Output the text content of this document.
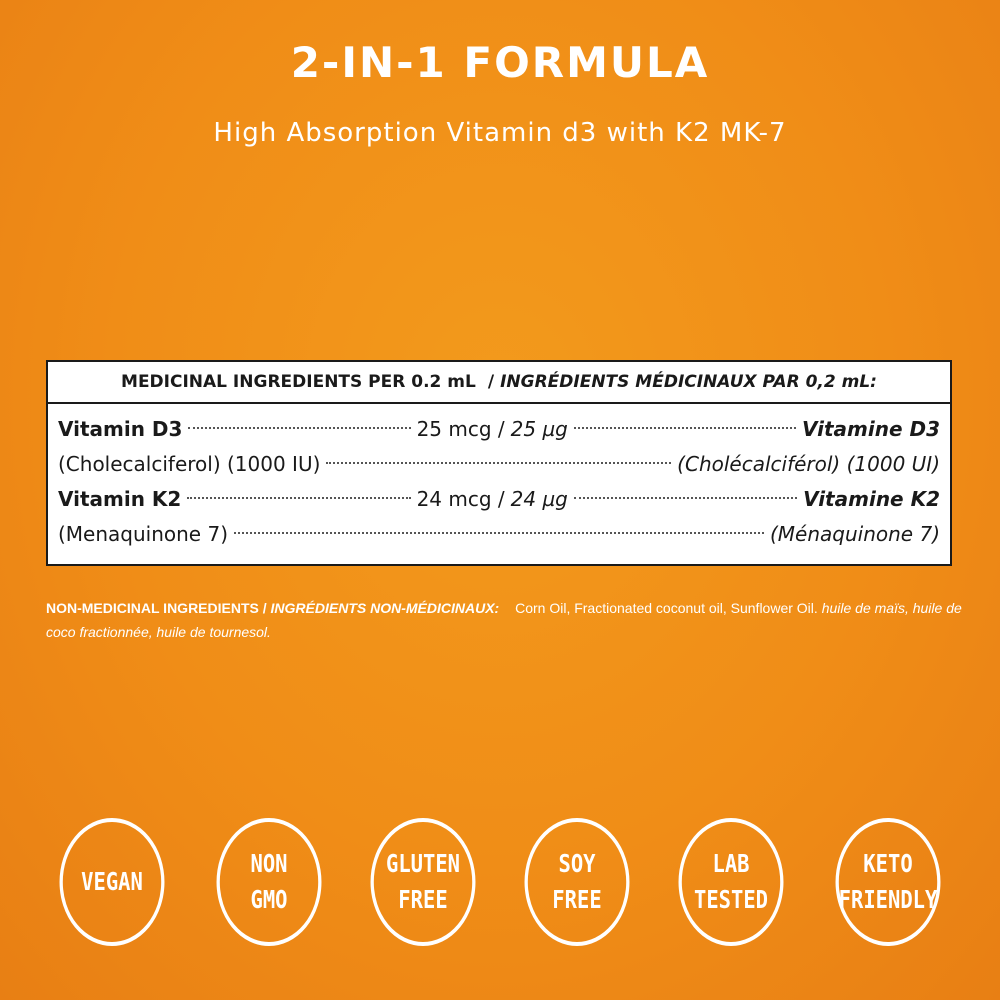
2-IN-1 FORMULA
High Absorption Vitamin d3 with K2 MK-7
MEDICINAL INGREDIENTS PER 0.2 mL / INGRÉDIENTS MÉDICINAUX PAR 0,2 mL:
Vitamin D3	25 mcg / 25 µg	Vitamine D3
(Cholecalciferol) (1000 IU)	(Cholécalciférol) (1000 UI)
Vitamin K2	24 mcg / 24 µg	Vitamine K2
(Menaquinone 7)	(Ménaquinone 7)
NON-MEDICINAL INGREDIENTS / INGRÉDIENTS NON-MÉDICINAUX: Corn Oil, Fractionated coconut oil, Sunflower Oil. huile de maïs, huile de coco fractionnée, huile de tournesol.
VEGAN
NON
GMO
GLUTEN
FREE
SOY
FREE
LAB
TESTED
KETO
FRIENDLY
